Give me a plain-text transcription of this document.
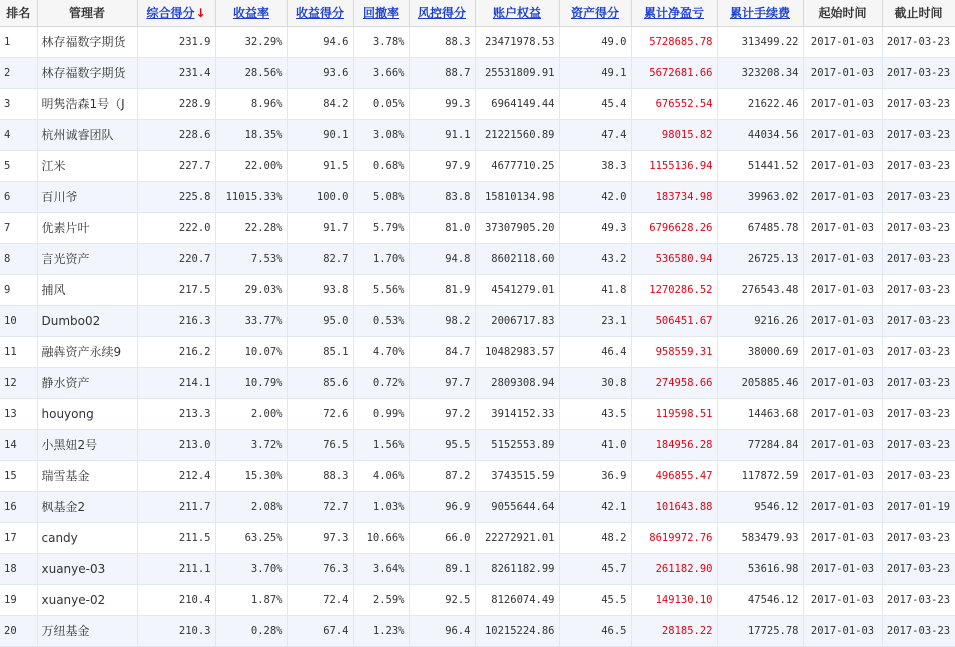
排名	管理者	综合得分↓	收益率	收益得分	回撤率	风控得分	账户权益	资产得分	累计净盈亏	累计手续费	起始时间	截止时间
1	林存福数字期货	231.9	32.29%	94.6	3.78%	88.3	23471978.53	49.0	5728685.78	313499.22	2017-01-03	2017-03-23
2	林存福数字期货	231.4	28.56%	93.6	3.66%	88.7	25531809.91	49.1	5672681.66	323208.34	2017-01-03	2017-03-23
3	明隽浩森1号（J	228.9	8.96%	84.2	0.05%	99.3	6964149.44	45.4	676552.54	21622.46	2017-01-03	2017-03-23
4	杭州诚睿团队	228.6	18.35%	90.1	3.08%	91.1	21221560.89	47.4	98015.82	44034.56	2017-01-03	2017-03-23
5	江米	227.7	22.00%	91.5	0.68%	97.9	4677710.25	38.3	1155136.94	51441.52	2017-01-03	2017-03-23
6	百川爷	225.8	11015.33%	100.0	5.08%	83.8	15810134.98	42.0	183734.98	39963.02	2017-01-03	2017-03-23
7	优素片叶	222.0	22.28%	91.7	5.79%	81.0	37307905.20	49.3	6796628.26	67485.78	2017-01-03	2017-03-23
8	言光资产	220.7	7.53%	82.7	1.70%	94.8	8602118.60	43.2	536580.94	26725.13	2017-01-03	2017-03-23
9	捕风	217.5	29.03%	93.8	5.56%	81.9	4541279.01	41.8	1270286.52	276543.48	2017-01-03	2017-03-23
10	Dumbo02	216.3	33.77%	95.0	0.53%	98.2	2006717.83	23.1	506451.67	9216.26	2017-01-03	2017-03-23
11	融犇资产永续9	216.2	10.07%	85.1	4.70%	84.7	10482983.57	46.4	958559.31	38000.69	2017-01-03	2017-03-23
12	静水资产	214.1	10.79%	85.6	0.72%	97.7	2809308.94	30.8	274958.66	205885.46	2017-01-03	2017-03-23
13	houyong	213.3	2.00%	72.6	0.99%	97.2	3914152.33	43.5	119598.51	14463.68	2017-01-03	2017-03-23
14	小黑妞2号	213.0	3.72%	76.5	1.56%	95.5	5152553.89	41.0	184956.28	77284.84	2017-01-03	2017-03-23
15	瑞雪基金	212.4	15.30%	88.3	4.06%	87.2	3743515.59	36.9	496855.47	117872.59	2017-01-03	2017-03-23
16	枫基金2	211.7	2.08%	72.7	1.03%	96.9	9055644.64	42.1	101643.88	9546.12	2017-01-03	2017-01-19
17	candy	211.5	63.25%	97.3	10.66%	66.0	22272921.01	48.2	8619972.76	583479.93	2017-01-03	2017-03-23
18	xuanye-03	211.1	3.70%	76.3	3.64%	89.1	8261182.99	45.7	261182.90	53616.98	2017-01-03	2017-03-23
19	xuanye-02	210.4	1.87%	72.4	2.59%	92.5	8126074.49	45.5	149130.10	47546.12	2017-01-03	2017-03-23
20	万纽基金	210.3	0.28%	67.4	1.23%	96.4	10215224.86	46.5	28185.22	17725.78	2017-01-03	2017-03-23
